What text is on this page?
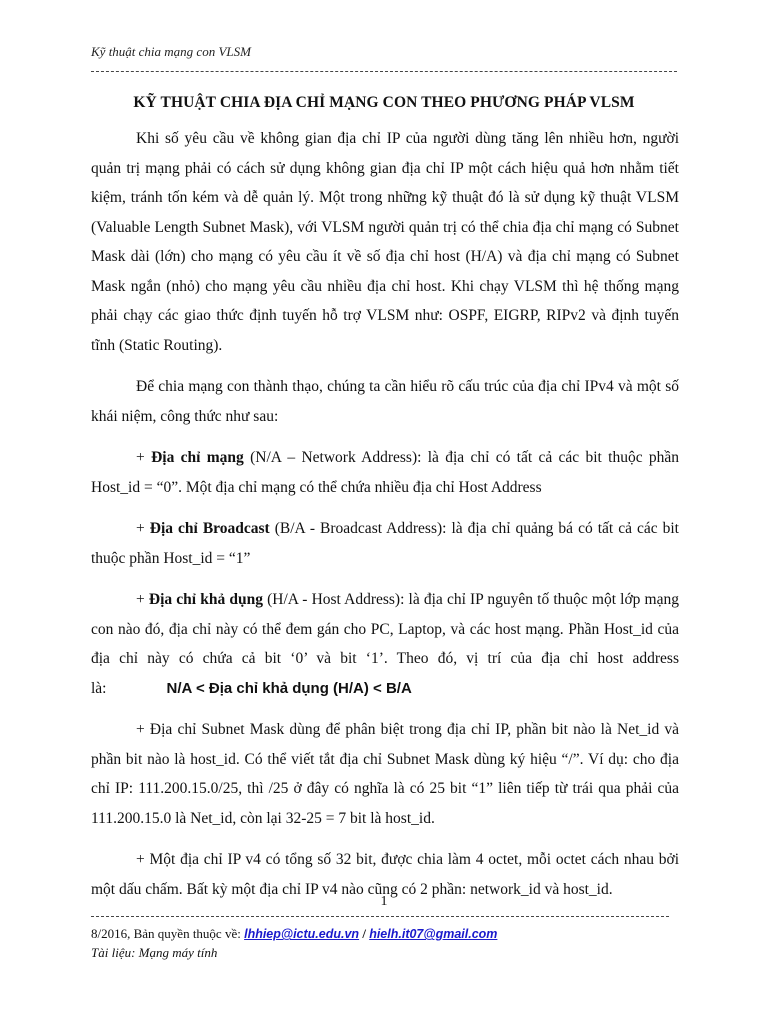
Kỹ thuật chia mạng con VLSM
KỸ THUẬT CHIA ĐỊA CHỈ MẠNG CON THEO PHƯƠNG PHÁP VLSM

Khi số yêu cầu về không gian địa chỉ IP của người dùng tăng lên nhiều hơn, người quản trị mạng phải có cách sử dụng không gian địa chỉ IP một cách hiệu quả hơn nhằm tiết kiệm, tránh tốn kém và dễ quản lý. Một trong những kỹ thuật đó là sử dụng kỹ thuật VLSM (Valuable Length Subnet Mask), với VLSM người quản trị có thể chia địa chỉ mạng có Subnet Mask dài (lớn) cho mạng có yêu cầu ít về số địa chỉ host (H/A) và địa chỉ mạng có Subnet Mask ngắn (nhỏ) cho mạng yêu cầu nhiều địa chỉ host. Khi chạy VLSM thì hệ thống mạng phải chạy các giao thức định tuyến hỗ trợ VLSM như: OSPF, EIGRP, RIPv2 và định tuyến tĩnh (Static Routing).

Để chia mạng con thành thạo, chúng ta cần hiểu rõ cấu trúc của địa chỉ IPv4 và một số khái niệm, công thức như sau:

+ Địa chỉ mạng (N/A – Network Address): là địa chỉ có tất cả các bit thuộc phần Host_id = “0”. Một địa chỉ mạng có thể chứa nhiều địa chỉ Host Address

+ Địa chỉ Broadcast (B/A - Broadcast Address): là địa chỉ quảng bá có tất cả các bit thuộc phần Host_id = “1”

+ Địa chỉ khả dụng (H/A - Host Address): là địa chỉ IP nguyên tố thuộc một lớp mạng con nào đó, địa chỉ này có thể đem gán cho PC, Laptop, và các host mạng. Phần Host_id của địa chỉ này có chứa cả bit ‘0’ và bit ‘1’. Theo đó, vị trí của địa chỉ host address là:	N/A < Địa chỉ khả dụng (H/A) < B/A

+ Địa chỉ Subnet Mask dùng để phân biệt trong địa chỉ IP, phần bit nào là Net_id và phần bit nào là host_id. Có thể viết tắt địa chỉ Subnet Mask dùng ký hiệu “/”. Ví dụ: cho địa chỉ IP: 111.200.15.0/25, thì /25 ở đây có nghĩa là có 25 bit “1” liên tiếp từ trái qua phải của 111.200.15.0 là Net_id, còn lại 32-25 = 7 bit là host_id.

+ Một địa chỉ IP v4 có tổng số 32 bit, được chia làm 4 octet, mỗi octet cách nhau bởi một dấu chấm. Bất kỳ một địa chỉ IP v4 nào cũng có 2 phần: network_id và host_id.

1
8/2016, Bản quyền thuộc về: lhhiep@ictu.edu.vn / hielh.it07@gmail.com
Tài liệu: Mạng máy tính
